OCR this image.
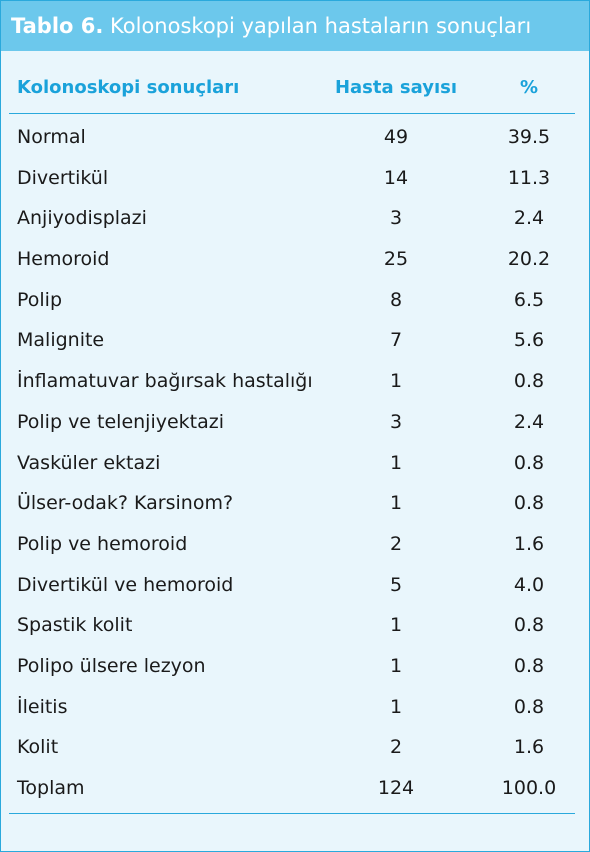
Tablo 6. Kolonoskopi yapılan hastaların sonuçları
Kolonoskopi sonuçları	Hasta sayısı	%
Normal	49	39.5
Divertikül	14	11.3
Anjiyodisplazi	3	2.4
Hemoroid	25	20.2
Polip	8	6.5
Malignite	7	5.6
İnflamatuvar bağırsak hastalığı	1	0.8
Polip ve telenjiyektazi	3	2.4
Vasküler ektazi	1	0.8
Ülser-odak? Karsinom?	1	0.8
Polip ve hemoroid	2	1.6
Divertikül ve hemoroid	5	4.0
Spastik kolit	1	0.8
Polipo ülsere lezyon	1	0.8
İleitis	1	0.8
Kolit	2	1.6
Toplam	124	100.0
